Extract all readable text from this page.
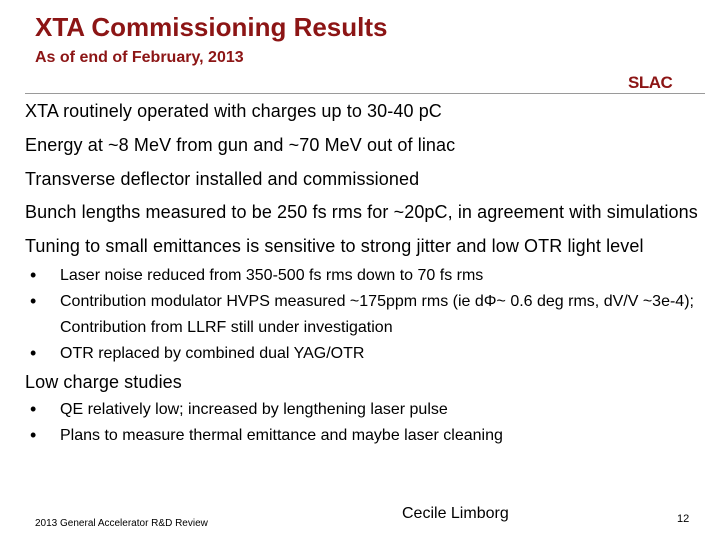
XTA Commissioning Results
As of end of February, 2013
SLAC
XTA routinely operated with charges up to 30-40 pC
Energy at ~8 MeV from gun and ~70 MeV out of linac
Transverse deflector installed and commissioned
Bunch lengths measured to be 250 fs rms for ~20pC, in agreement with simulations
Tuning to small emittances is sensitive to strong jitter and low OTR light level
• Laser noise reduced from 350-500 fs rms down to 70 fs rms
• Contribution modulator HVPS measured ~175ppm rms (ie dΦ~ 0.6 deg rms, dV/V ~3e-4); Contribution from LLRF still under investigation
• OTR replaced by combined dual YAG/OTR
Low charge studies
• QE relatively low; increased by lengthening laser pulse
• Plans to measure thermal emittance and maybe laser cleaning
2013 General Accelerator R&D Review
Cecile Limborg	12
